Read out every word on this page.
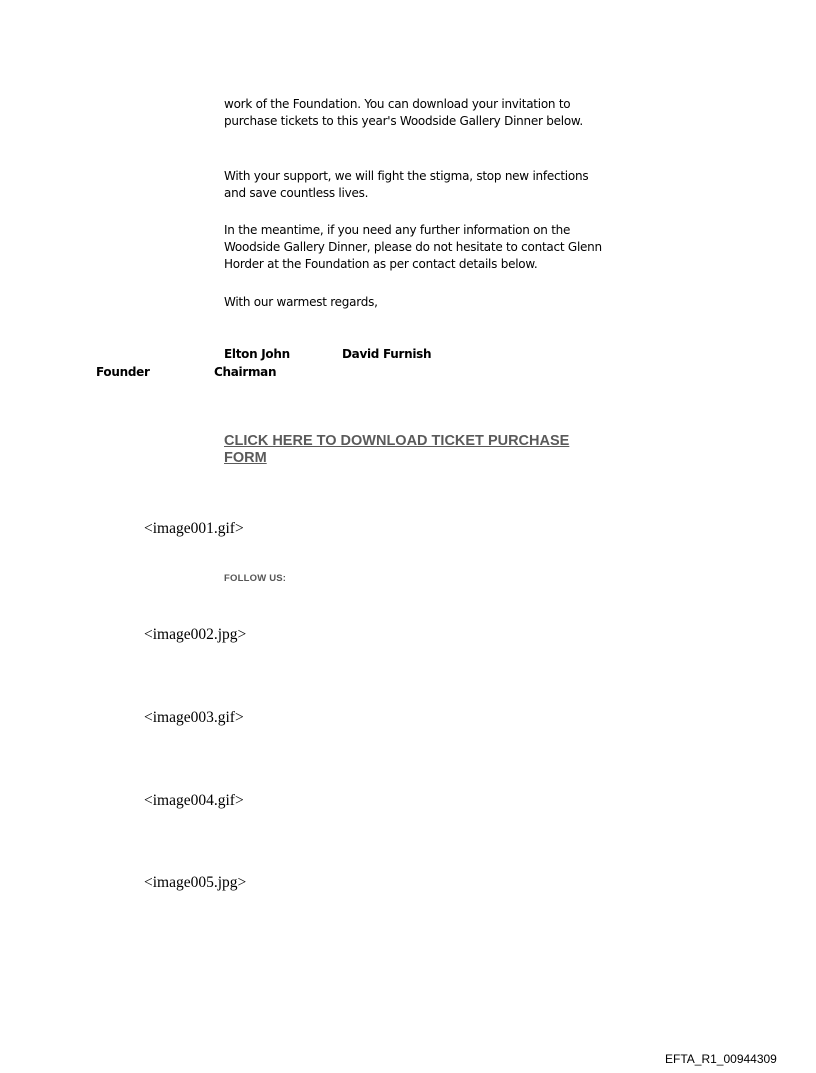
work of the Foundation. You can download your invitation to purchase tickets to this year's Woodside Gallery Dinner below.

With your support, we will fight the stigma, stop new infections and save countless lives.

In the meantime, if you need any further information on the Woodside Gallery Dinner, please do not hesitate to contact Glenn Horder at the Foundation as per contact details below.

With our warmest regards,

Elton John	David Furnish
Founder	Chairman
CLICK HERE TO DOWNLOAD TICKET PURCHASE FORM
<image001.gif>
FOLLOW US:
<image002.jpg>
<image003.gif>
<image004.gif>
<image005.jpg>
EFTA_R1_00944309
